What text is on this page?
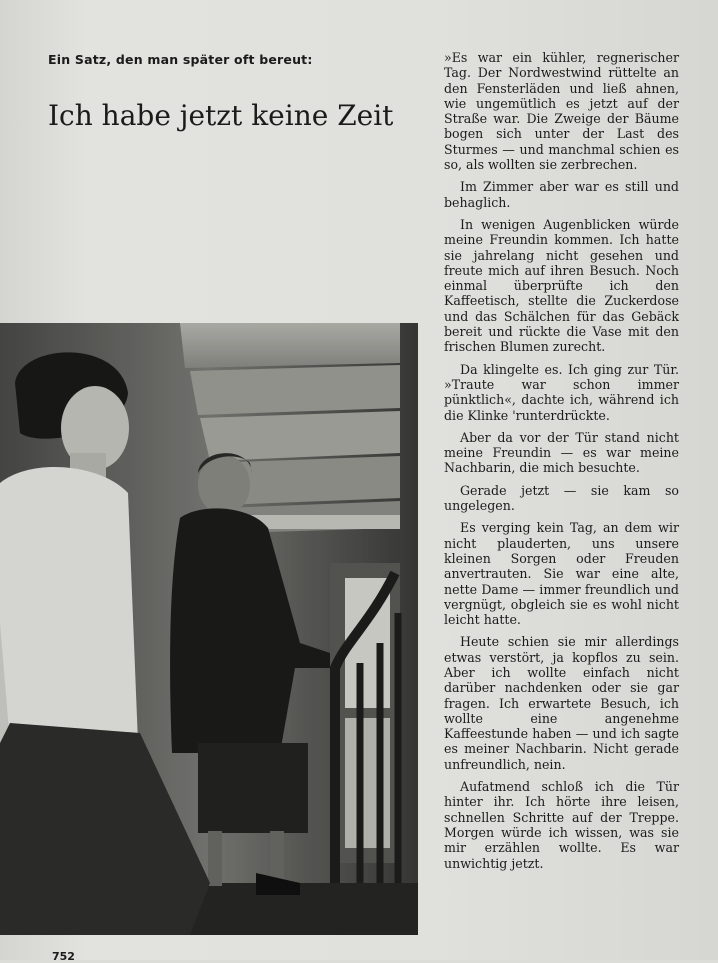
Ein Satz, den man später oft bereut:
Ich habe jetzt keine Zeit

»Es war ein kühler, regnerischer Tag. Der Nordwestwind rüttelte an den Fensterläden und ließ ahnen, wie ungemütlich es jetzt auf der Straße war. Die Zweige der Bäume bogen sich unter der Last des Sturmes — und manchmal schien es so, als wollten sie zerbrechen.

Im Zimmer aber war es still und behaglich.

In wenigen Augenblicken würde meine Freundin kommen. Ich hatte sie jahrelang nicht gesehen und freute mich auf ihren Besuch. Noch einmal überprüfte ich den Kaffeetisch, stellte die Zuckerdose und das Schälchen für das Gebäck bereit und rückte die Vase mit den frischen Blumen zurecht.

Da klingelte es. Ich ging zur Tür. »Traute war schon immer pünktlich«, dachte ich, während ich die Klinke 'runterdrückte.

Aber da vor der Tür stand nicht meine Freundin — es war meine Nachbarin, die mich besuchte.

Gerade jetzt — sie kam so ungelegen.

Es verging kein Tag, an dem wir nicht plauderten, uns unsere kleinen Sorgen oder Freuden anvertrauten. Sie war eine alte, nette Dame — immer freundlich und vergnügt, obgleich sie es wohl nicht leicht hatte.

Heute schien sie mir allerdings etwas verstört, ja kopflos zu sein. Aber ich wollte einfach nicht darüber nachdenken oder sie gar fragen. Ich erwartete Besuch, ich wollte eine angenehme Kaffeestunde haben — und ich sagte es meiner Nachbarin. Nicht gerade unfreundlich, nein.

Aufatmend schloß ich die Tür hinter ihr. Ich hörte ihre leisen, schnellen Schritte auf der Treppe. Morgen würde ich wissen, was sie mir erzählen wollte. Es war unwichtig jetzt.

752
